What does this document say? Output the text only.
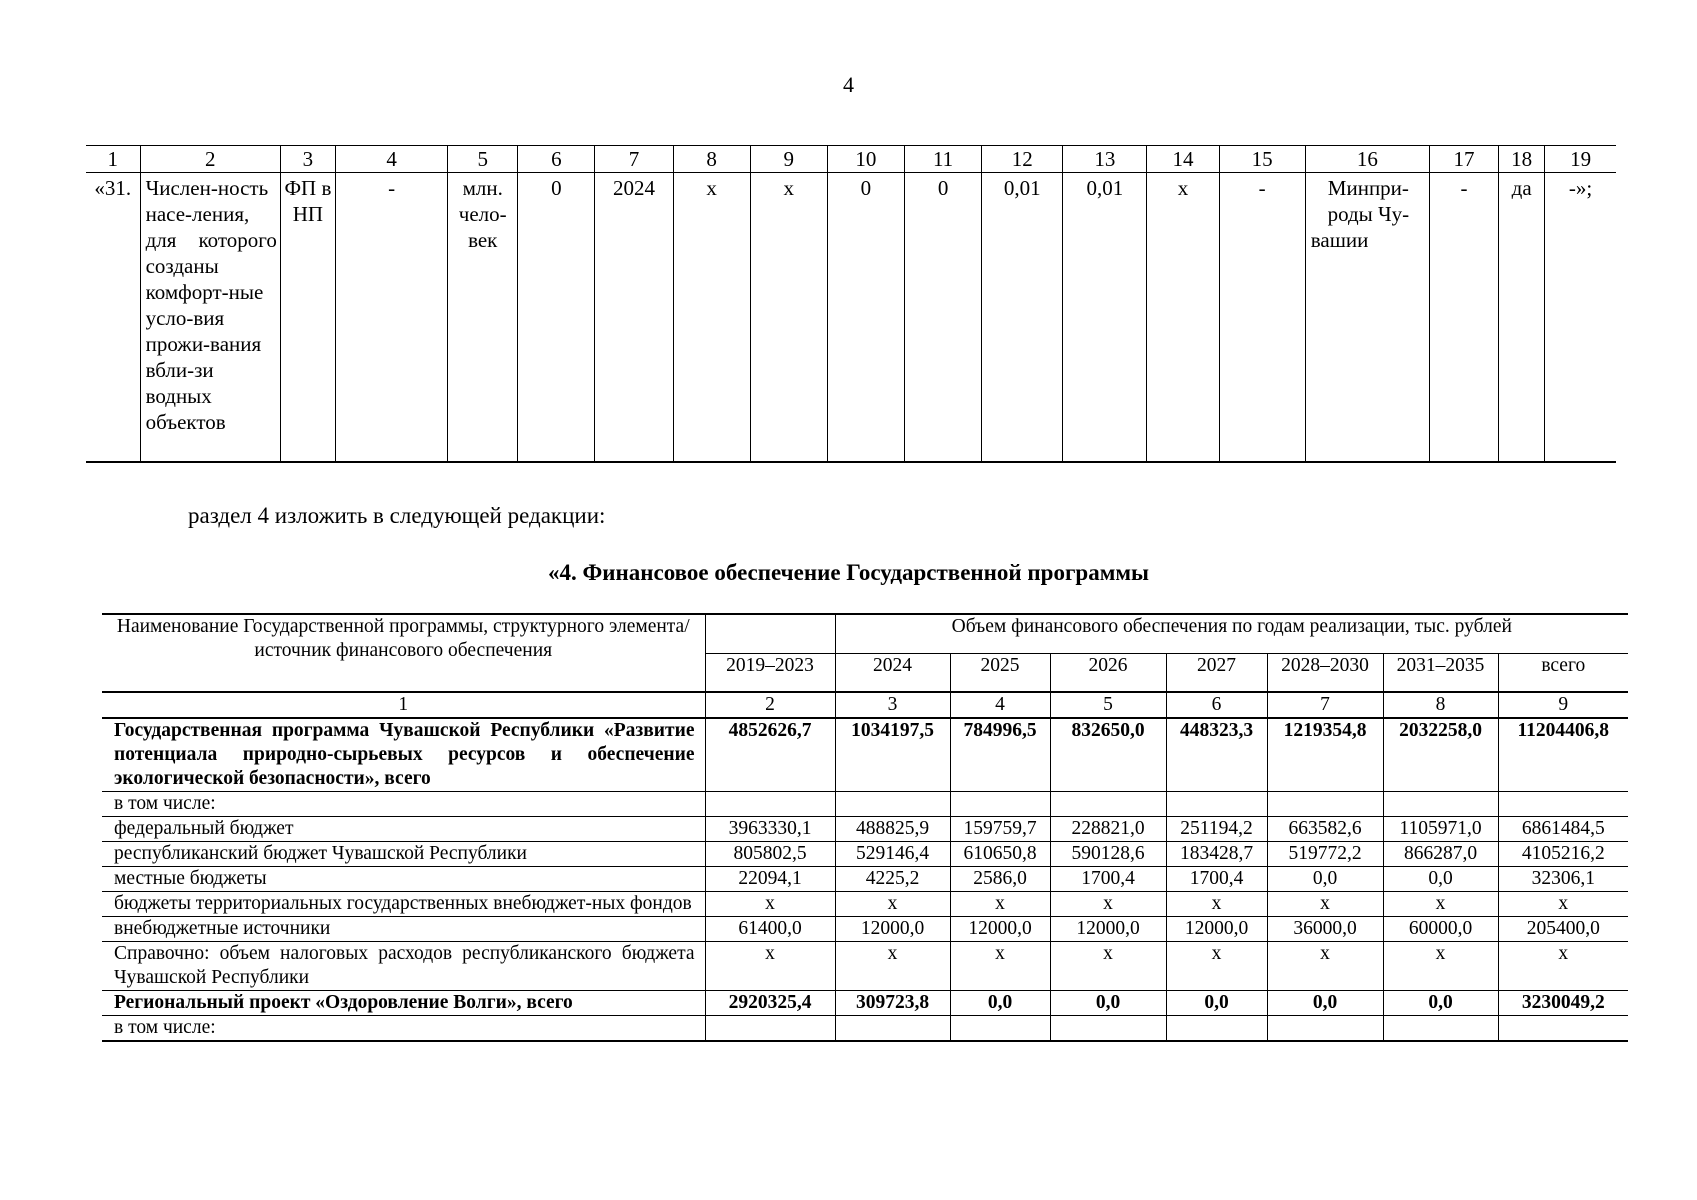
4
1	2	3	4	5	6	7	8	9	10	11	12	13	14	15	16	17	18	19
«31.	Числен-ность насе-ления, для которого созданы комфорт-ные усло-вия прожи-вания вбли-зи водных объектов	ФП в НП	-	млн. чело-век	0	2024	х	х	0	0	0,01	0,01	х	-	Минпри-роды Чу-вашии	-	да	-»;
раздел 4 изложить в следующей редакции:
«4. Финансовое обеспечение Государственной программы
Наименование Государственной программы, структурного элемента/источник финансового обеспечения		Объем финансового обеспечения по годам реализации, тыс. рублей						
	2019–2023	2024	2025	2026	2027	2028–2030	2031–2035	всего
1	2	3	4	5	6	7	8	9
Государственная программа Чувашской Республики «Развитие потенциала природно-сырьевых ресурсов и обеспечение экологической безопасности», всего	4852626,7	1034197,5	784996,5	832650,0	448323,3	1219354,8	2032258,0	11204406,8
в том числе:								
федеральный бюджет	3963330,1	488825,9	159759,7	228821,0	251194,2	663582,6	1105971,0	6861484,5
республиканский бюджет Чувашской Республики	805802,5	529146,4	610650,8	590128,6	183428,7	519772,2	866287,0	4105216,2
местные бюджеты	22094,1	4225,2	2586,0	1700,4	1700,4	0,0	0,0	32306,1
бюджеты территориальных государственных внебюджет-ных фондов	х	х	х	х	х	х	х	х
внебюджетные источники	61400,0	12000,0	12000,0	12000,0	12000,0	36000,0	60000,0	205400,0
Справочно: объем налоговых расходов республиканского бюджета Чувашской Республики	х	х	х	х	х	х	х	х
Региональный проект «Оздоровление Волги», всего	2920325,4	309723,8	0,0	0,0	0,0	0,0	0,0	3230049,2
в том числе:								
